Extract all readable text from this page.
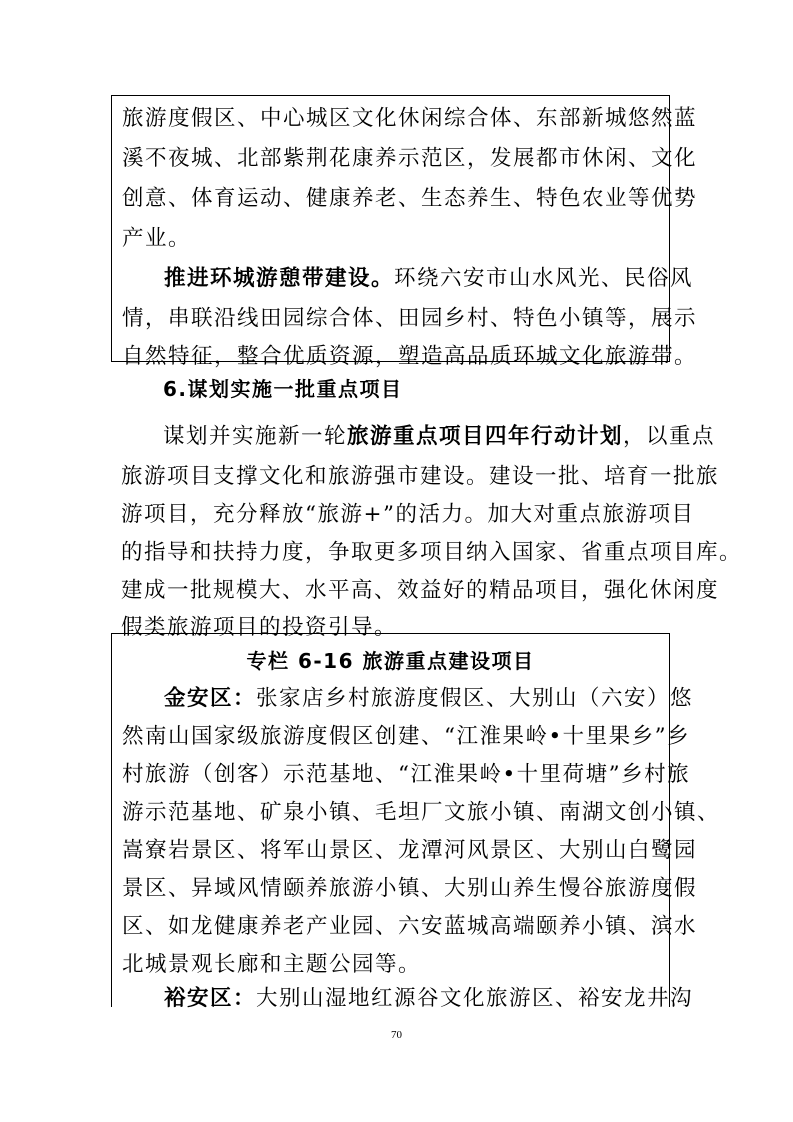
旅游度假区、中心城区文化休闲综合体、东部新城悠然蓝
溪不夜城、北部紫荆花康养示范区，发展都市休闲、文化
创意、体育运动、健康养老、生态养生、特色农业等优势
产业。
推进环城游憩带建设。环绕六安市山水风光、民俗风
情，串联沿线田园综合体、田园乡村、特色小镇等，展示
自然特征，整合优质资源，塑造高品质环城文化旅游带。
6.谋划实施一批重点项目
谋划并实施新一轮旅游重点项目四年行动计划，以重点
旅游项目支撑文化和旅游强市建设。建设一批、培育一批旅
游项目，充分释放“旅游+”的活力。加大对重点旅游项目
的指导和扶持力度，争取更多项目纳入国家、省重点项目库。
建成一批规模大、水平高、效益好的精品项目，强化休闲度
假类旅游项目的投资引导。
专栏 6-16 旅游重点建设项目
金安区：张家店乡村旅游度假区、大别山（六安）悠
然南山国家级旅游度假区创建、“江淮果岭•十里果乡”乡
村旅游（创客）示范基地、“江淮果岭•十里荷塘”乡村旅
游示范基地、矿泉小镇、毛坦厂文旅小镇、南湖文创小镇、
嵩寮岩景区、将军山景区、龙潭河风景区、大别山白鹭园
景区、异域风情颐养旅游小镇、大别山养生慢谷旅游度假
区、如龙健康养老产业园、六安蓝城高端颐养小镇、滨水
北城景观长廊和主题公园等。
裕安区：大别山湿地红源谷文化旅游区、裕安龙井沟
70
